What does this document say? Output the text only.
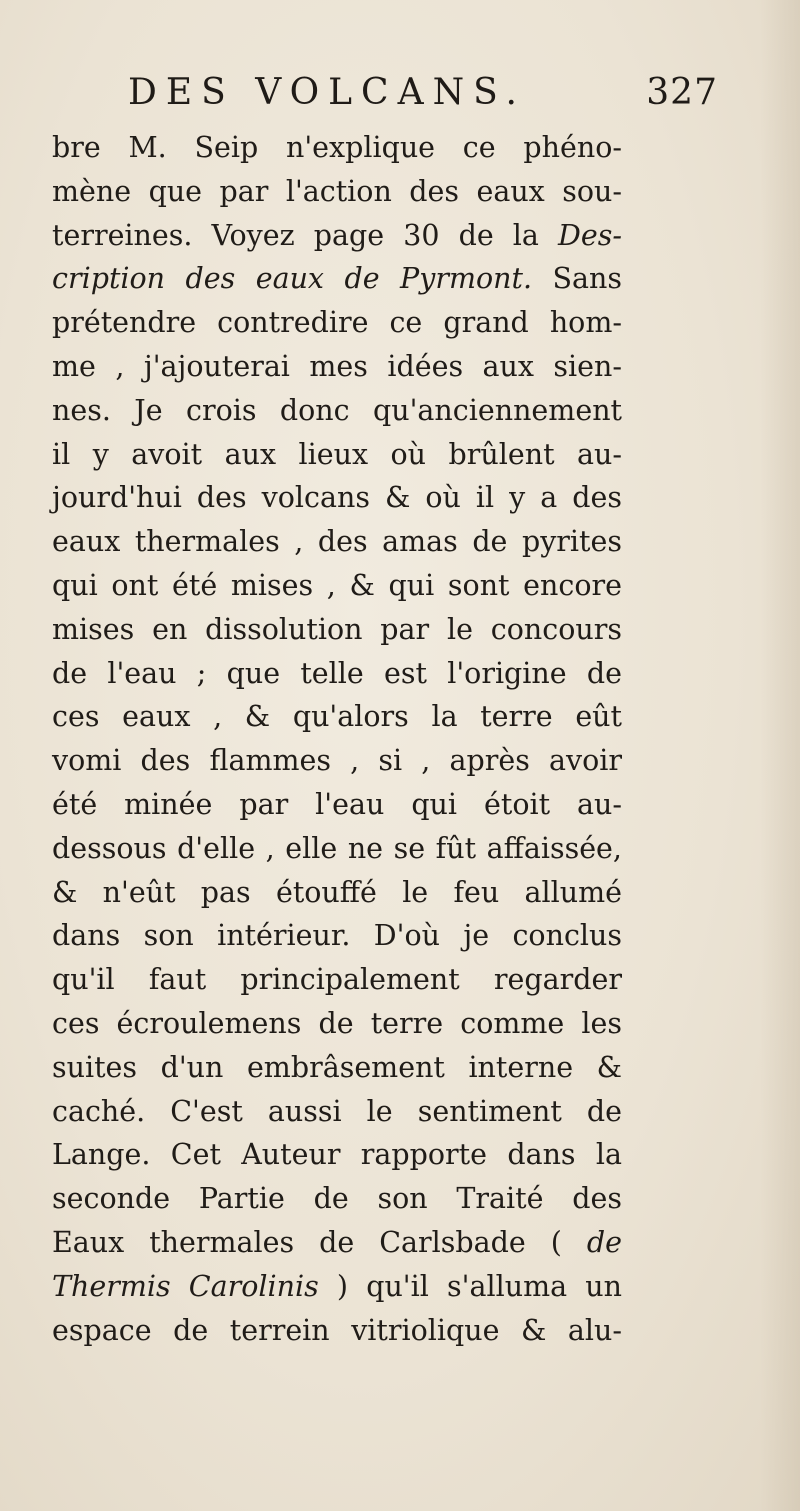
DES VOLCANS.	327
bre M. Seip n'explique ce phéno-
mène que par l'action des eaux sou-
terreines. Voyez page 30 de la Des-
cription des eaux de Pyrmont. Sans
prétendre contredire ce grand hom-
me , j'ajouterai mes idées aux sien-
nes. Je crois donc qu'anciennement
il y avoit aux lieux où brûlent au-
jourd'hui des volcans & où il y a des
eaux thermales , des amas de pyrites
qui ont été mises , & qui sont encore
mises en dissolution par le concours
de l'eau ; que telle est l'origine de
ces eaux , & qu'alors la terre eût
vomi des flammes , si , après avoir
été minée par l'eau qui étoit au-
dessous d'elle , elle ne se fût affaissée,
& n'eût pas étouffé le feu allumé
dans son intérieur. D'où je conclus
qu'il faut principalement regarder
ces écroulemens de terre comme les
suites d'un embrâsement interne &
caché. C'est aussi le sentiment de
Lange. Cet Auteur rapporte dans la
seconde Partie de son Traité des
Eaux thermales de Carlsbade ( de
Thermis Carolinis ) qu'il s'alluma un
espace de terrein vitriolique & alu-
